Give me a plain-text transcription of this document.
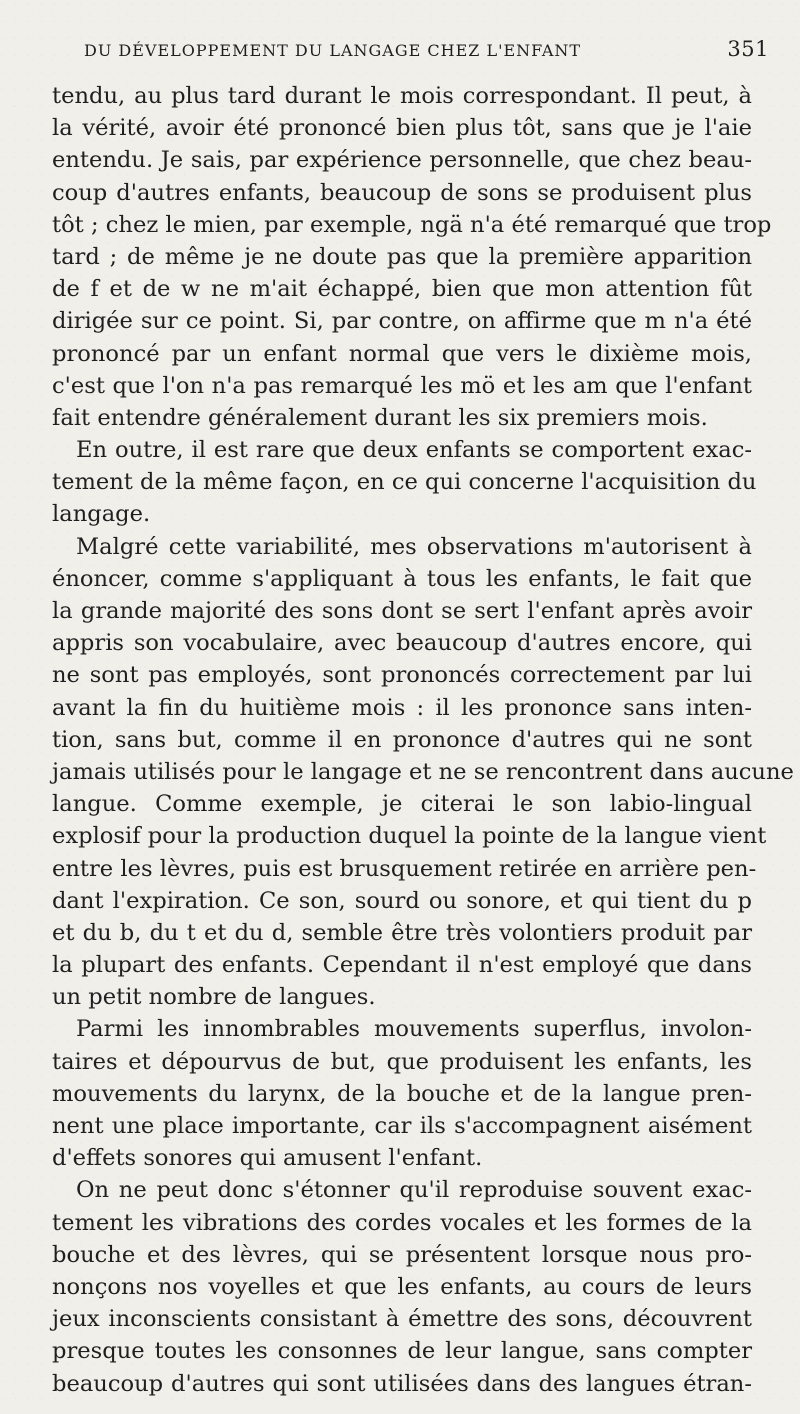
DU DÉVELOPPEMENT DU LANGAGE CHEZ L'ENFANT	351
tendu, au plus tard durant le mois correspondant. Il peut, à
la vérité, avoir été prononcé bien plus tôt, sans que je l'aie
entendu. Je sais, par expérience personnelle, que chez beau-
coup d'autres enfants, beaucoup de sons se produisent plus
tôt ; chez le mien, par exemple, ngä n'a été remarqué que trop
tard ; de même je ne doute pas que la première apparition
de f et de w ne m'ait échappé, bien que mon attention fût
dirigée sur ce point. Si, par contre, on affirme que m n'a été
prononcé par un enfant normal que vers le dixième mois,
c'est que l'on n'a pas remarqué les mö et les am que l'enfant
fait entendre généralement durant les six premiers mois.
En outre, il est rare que deux enfants se comportent exac-
tement de la même façon, en ce qui concerne l'acquisition du
langage.
Malgré cette variabilité, mes observations m'autorisent à
énoncer, comme s'appliquant à tous les enfants, le fait que
la grande majorité des sons dont se sert l'enfant après avoir
appris son vocabulaire, avec beaucoup d'autres encore, qui
ne sont pas employés, sont prononcés correctement par lui
avant la fin du huitième mois : il les prononce sans inten-
tion, sans but, comme il en prononce d'autres qui ne sont
jamais utilisés pour le langage et ne se rencontrent dans aucune
langue. Comme exemple, je citerai le son labio-lingual
explosif pour la production duquel la pointe de la langue vient
entre les lèvres, puis est brusquement retirée en arrière pen-
dant l'expiration. Ce son, sourd ou sonore, et qui tient du p
et du b, du t et du d, semble être très volontiers produit par
la plupart des enfants. Cependant il n'est employé que dans
un petit nombre de langues.
Parmi les innombrables mouvements superflus, involon-
taires et dépourvus de but, que produisent les enfants, les
mouvements du larynx, de la bouche et de la langue pren-
nent une place importante, car ils s'accompagnent aisément
d'effets sonores qui amusent l'enfant.
On ne peut donc s'étonner qu'il reproduise souvent exac-
tement les vibrations des cordes vocales et les formes de la
bouche et des lèvres, qui se présentent lorsque nous pro-
nonçons nos voyelles et que les enfants, au cours de leurs
jeux inconscients consistant à émettre des sons, découvrent
presque toutes les consonnes de leur langue, sans compter
beaucoup d'autres qui sont utilisées dans des langues étran-
